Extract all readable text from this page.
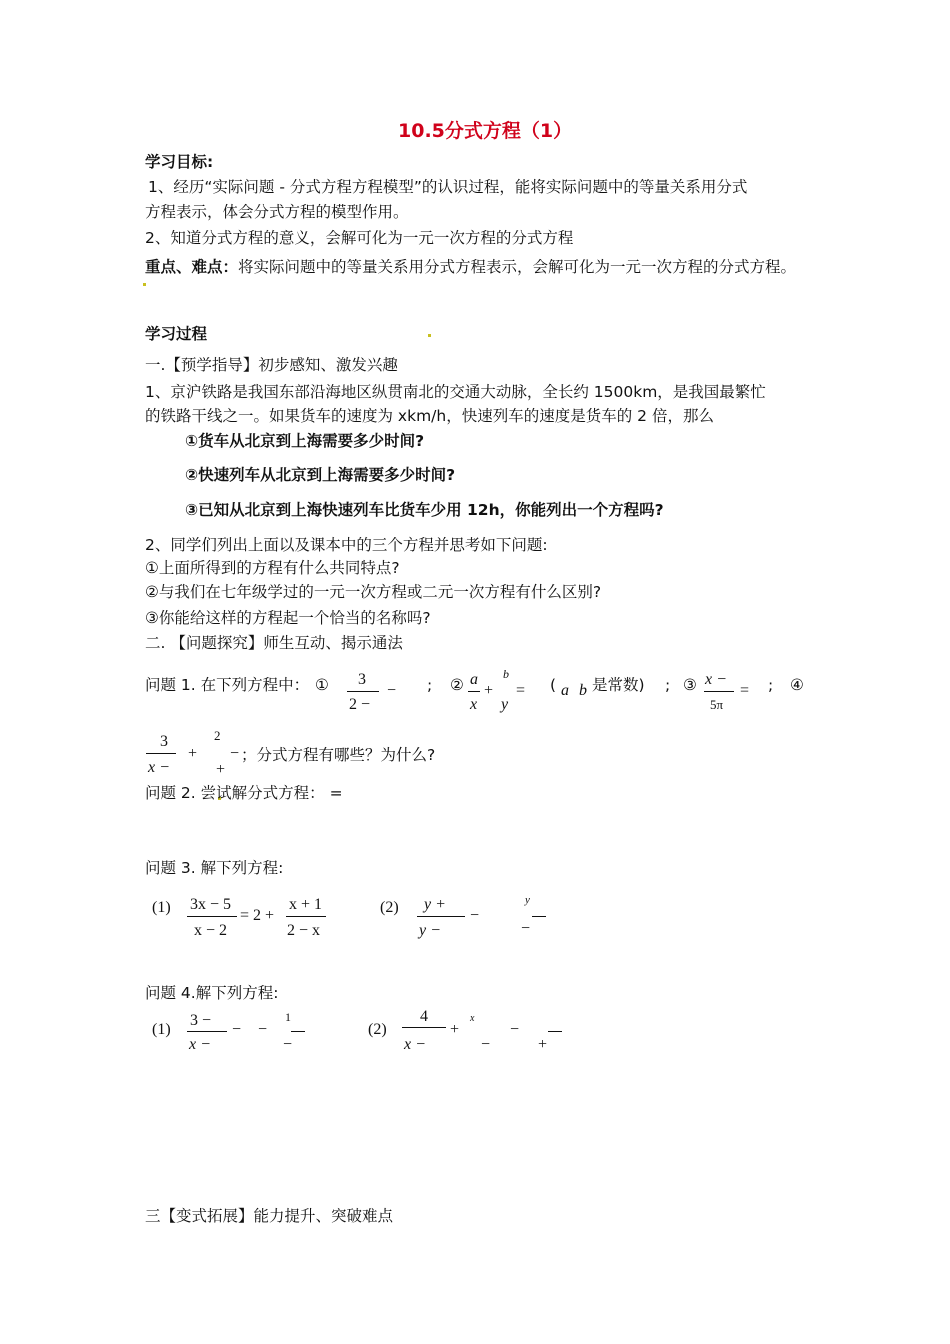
10.5分式方程（1）
学习目标:
1、经历“实际问题 - 分式方程方程模型”的认识过程，能将实际问题中的等量关系用分式
方程表示，体会分式方程的模型作用。
2、知道分式方程的意义，会解可化为一元一次方程的分式方程
重点、难点：将实际问题中的等量关系用分式方程表示，会解可化为一元一次方程的分式方程。
学习过程
一.【预学指导】初步感知、激发兴趣
1、京沪铁路是我国东部沿海地区纵贯南北的交通大动脉，全长约 1500km，是我国最繁忙
的铁路干线之一。如果货车的速度为 xkm/h，快速列车的速度是货车的 2 倍，那么
①货车从北京到上海需要多少时间?
②快速列车从北京到上海需要多少时间?
③已知从北京到上海快速列车比货车少用 12h，你能列出一个方程吗?
2、同学们列出上面以及课本中的三个方程并思考如下问题:
①上面所得到的方程有什么共同特点?
②与我们在七年级学过的一元一次方程或二元一次方程有什么区别?
③你能给这样的方程起一个恰当的名称吗?
二. 【问题探究】师生互动、揭示通法
问题 1. 在下列方程中： ① 3
2 −
− ; ② a
x
+
b
y
= ( a b 是常数) ; ③ x −
5π
= ; ④
3
x −
+
2
+
− ；分式方程有哪些？为什么?
问题 2. 尝试解分式方程： =
问题 3. 解下列方程:
(1) 3x − 5
x − 2
= 2 +
x + 1
2 − x
(2) y +
y −
−
y
−
问题 4.解下列方程:
(1)
3 −
x −
− −
1
−
(2)
4
x −
+
x
−
−
+
三【变式拓展】能力提升、突破难点
